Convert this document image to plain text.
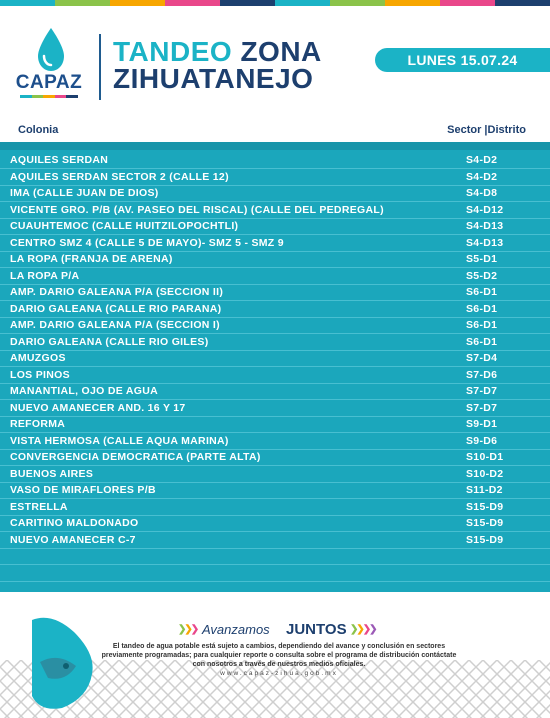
CAPAZ
TANDEO ZONA
ZIHUATANEJO
LUNES 15.07.24
Colonia	Sector |Distrito
AQUILES SERDAN	S4-D2
AQUILES SERDAN SECTOR 2 (CALLE 12)	S4-D2
IMA (CALLE JUAN DE DIOS)	S4-D8
VICENTE GRO. P/B (AV. PASEO DEL RISCAL) (CALLE DEL PEDREGAL)	S4-D12
CUAUHTEMOC (CALLE HUITZILOPOCHTLI)	S4-D13
CENTRO SMZ 4 (CALLE 5 DE MAYO)- SMZ 5 - SMZ 9	S4-D13
LA ROPA (FRANJA DE ARENA)	S5-D1
LA ROPA P/A	S5-D2
AMP. DARIO GALEANA P/A (SECCION II)	S6-D1
DARIO GALEANA (CALLE RIO PARANA)	S6-D1
AMP. DARIO GALEANA P/A (SECCION I)	S6-D1
DARIO GALEANA (CALLE RIO GILES)	S6-D1
AMUZGOS	S7-D4
LOS PINOS	S7-D6
MANANTIAL, OJO DE AGUA	S7-D7
NUEVO AMANECER AND. 16 Y 17	S7-D7
REFORMA	S9-D1
VISTA HERMOSA (CALLE AQUA MARINA)	S9-D6
CONVERGENCIA DEMOCRATICA (PARTE ALTA)	S10-D1
BUENOS AIRES	S10-D2
VASO DE MIRAFLORES P/B	S11-D2
ESTRELLA	S15-D9
CARITINO MALDONADO	S15-D9
NUEVO AMANECER C-7	S15-D9
❯❯❯ Avanzamos JUNTOS ❯❯❯❯
El tandeo de agua potable está sujeto a cambios, dependiendo del avance y conclusión en sectores previamente programadas; para cualquier reporte o consulta sobre el programa de distribución contáctate con nosotros a través de nuestros medios oficiales.
www.capaz-zihua.gob.mx
